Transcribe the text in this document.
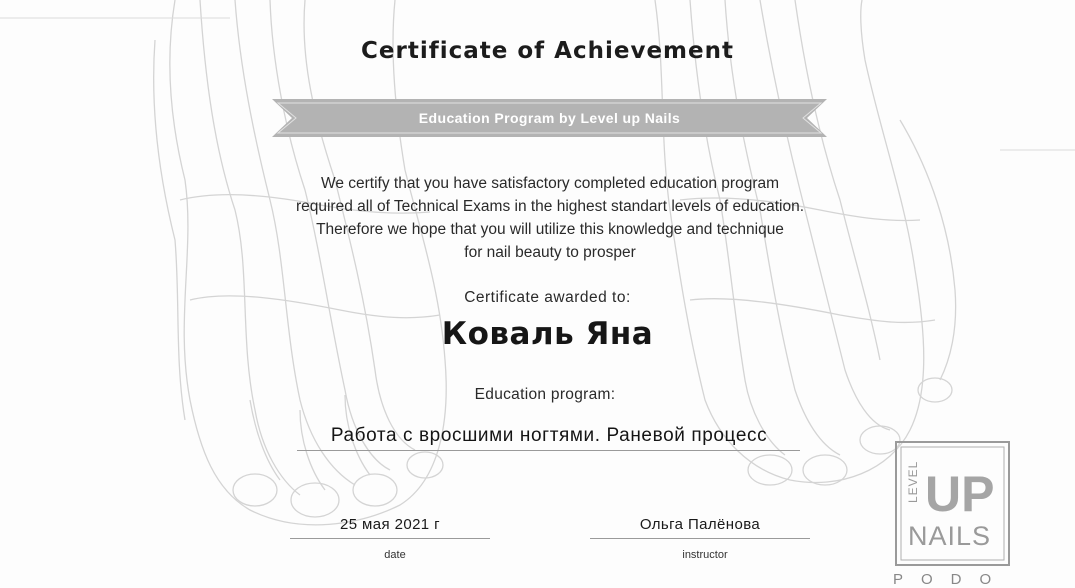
Certificate of Achievement
Education Program by Level up Nails
We certify that you have satisfactory completed education program
required all of Technical Exams in the highest standart levels of education.
Therefore we hope that you will utilize this knowledge and technique
for nail beauty to prosper
Certificate awarded to:
Коваль Яна
Education program:
Работа с вросшими ногтями. Раневой процесс
25 мая 2021 г
date
Ольга Палёнова
instructor
LEVEL UP
NAILS
PODO
